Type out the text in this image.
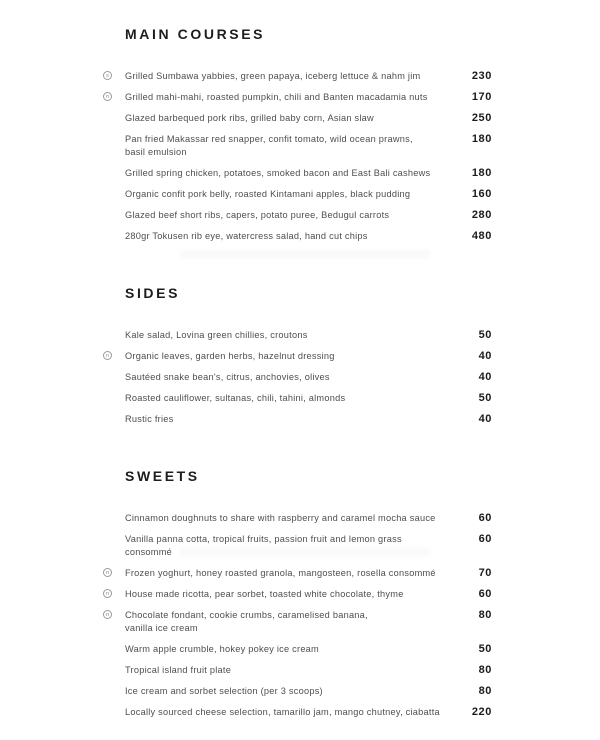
MAIN COURSES
s	Grilled Sumbawa yabbies, green papaya, iceberg lettuce & nahm jim	230
n	Grilled mahi-mahi, roasted pumpkin, chili and Banten macadamia nuts	170
Glazed barbequed pork ribs, grilled baby corn, Asian slaw	250
Pan fried Makassar red snapper, confit tomato, wild ocean prawns,
basil emulsion
180
Grilled spring chicken, potatoes, smoked bacon and East Bali cashews	180
Organic confit pork belly, roasted Kintamani apples, black pudding	160
Glazed beef short ribs, capers, potato puree, Bedugul carrots	280
280gr Tokusen rib eye, watercress salad, hand cut chips	480
SIDES
Kale salad, Lovina green chillies, croutons	50
n	Organic leaves, garden herbs, hazelnut dressing	40
Sautéed snake bean's, citrus, anchovies, olives	40
Roasted cauliflower, sultanas, chili, tahini, almonds	50
Rustic fries	40
SWEETS
Cinnamon doughnuts to share with raspberry and caramel mocha sauce	60
Vanilla panna cotta, tropical fruits, passion fruit and lemon grass
consommé
60
n	Frozen yoghurt, honey roasted granola, mangosteen, rosella consommé	70
n	House made ricotta, pear sorbet, toasted white chocolate, thyme	60
n	Chocolate fondant, cookie crumbs, caramelised banana,
vanilla ice cream
80
Warm apple crumble, hokey pokey ice cream	50
Tropical island fruit plate	80
Ice cream and sorbet selection (per 3 scoops)	80
Locally sourced cheese selection, tamarillo jam, mango chutney, ciabatta	220
